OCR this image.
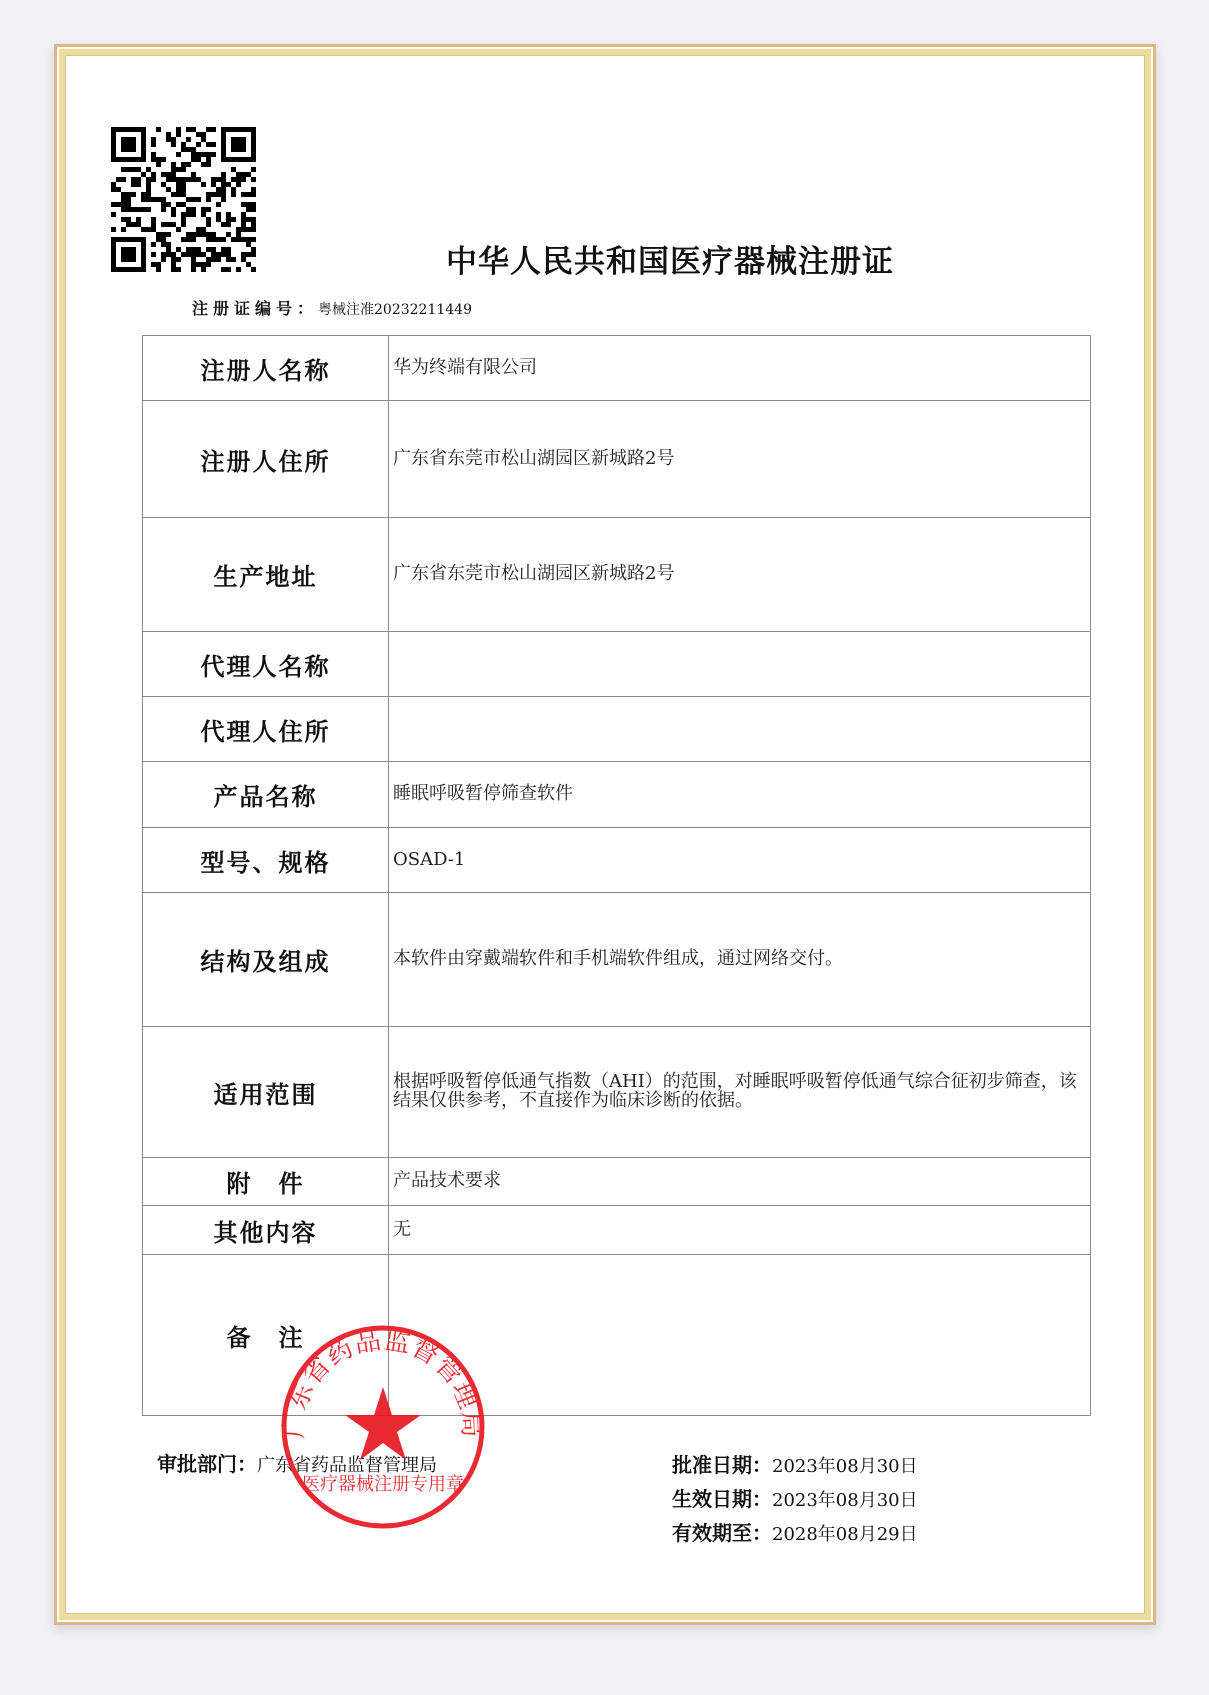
中华人民共和国医疗器械注册证
注册证编号：粤械注准20232211449
注册人名称	华为终端有限公司
注册人住所	广东省东莞市松山湖园区新城路2号
生产地址	广东省东莞市松山湖园区新城路2号
代理人名称	
代理人住所	
产品名称	睡眠呼吸暂停筛查软件
型号、规格	OSAD-1
结构及组成	本软件由穿戴端软件和手机端软件组成，通过网络交付。
适用范围	根据呼吸暂停低通气指数（AHI）的范围，对睡眠呼吸暂停低通气综合征初步筛查，该结果仅供参考，不直接作为临床诊断的依据。
附　件	产品技术要求
其他内容	无
备　注	
审批部门：广东省药品监督管理局	批准日期：2023年08月30日
生效日期：2023年08月30日
有效期至：2028年08月29日
广东省药品监督管理局
医疗器械注册专用章
